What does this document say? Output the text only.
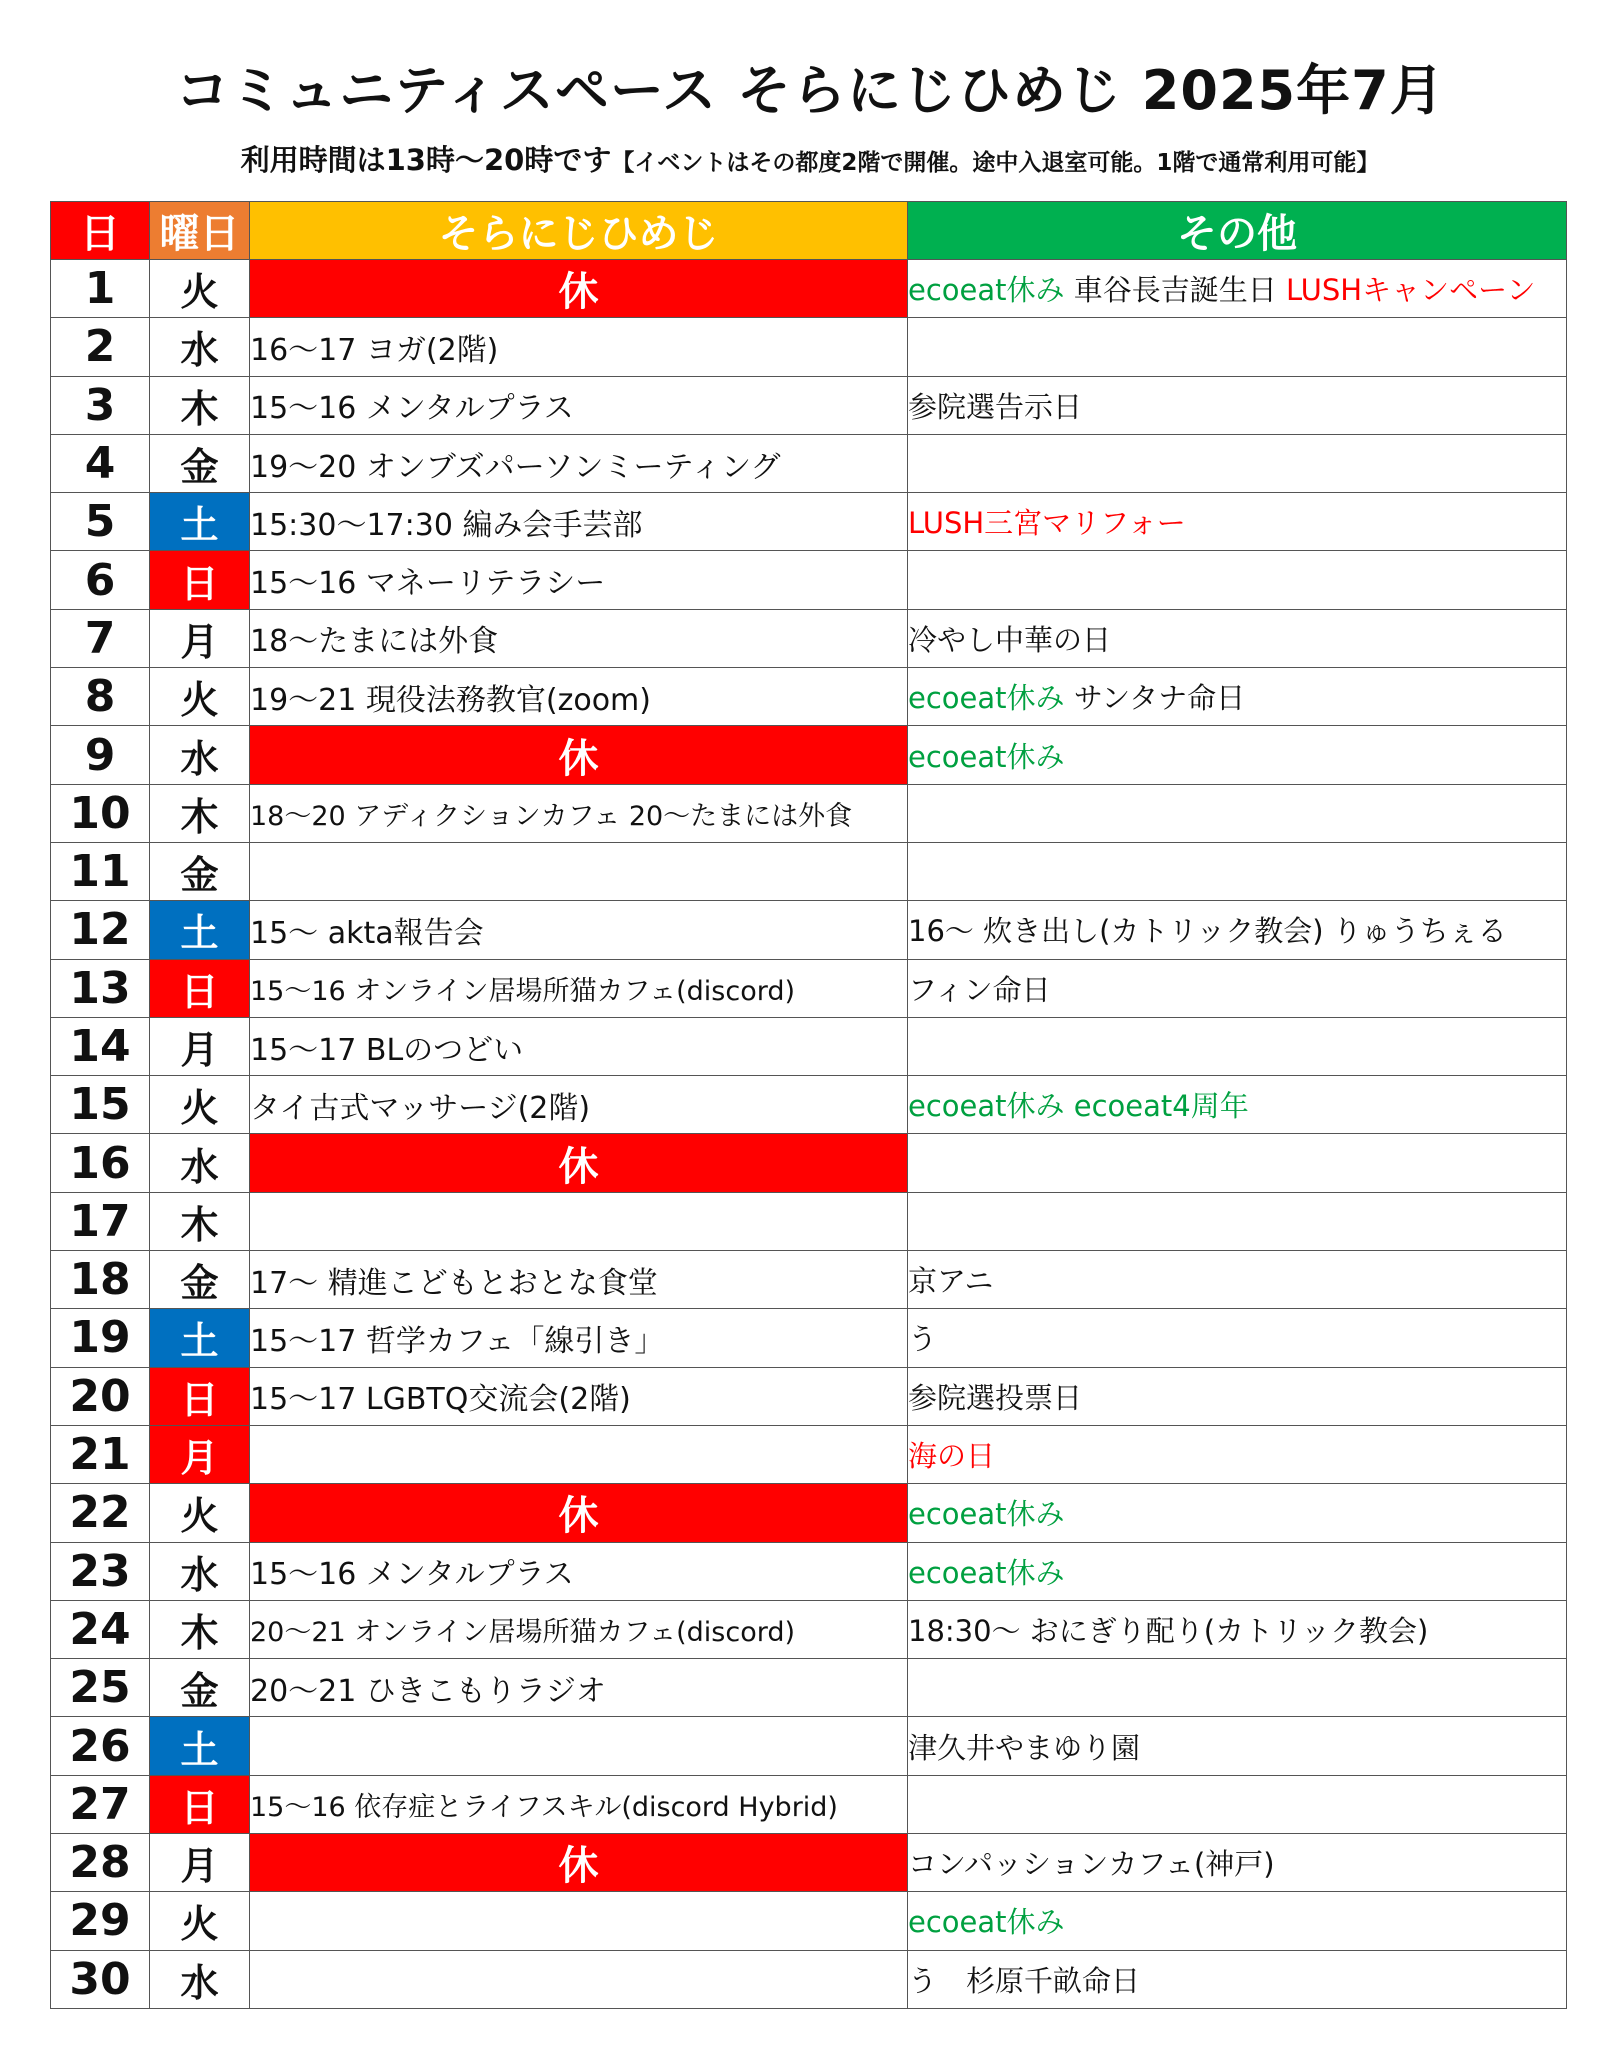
コミュニティスペース そらにじひめじ 2025年7月
利用時間は13時～20時です【イベントはその都度2階で開催。途中入退室可能。1階で通常利用可能】
日	曜日	そらにじひめじ	その他
1	火	休	ecoeat休み 車谷長吉誕生日 LUSHキャンペーン
2	水	16～17 ヨガ(2階)	
3	木	15～16 メンタルプラス	参院選告示日
4	金	19～20 オンブズパーソンミーティング	
5	土	15:30～17:30 編み会手芸部	LUSH三宮マリフォー
6	日	15～16 マネーリテラシー	
7	月	18～たまには外食	冷やし中華の日
8	火	19～21 現役法務教官(zoom)	ecoeat休み サンタナ命日
9	水	休	ecoeat休み
10	木	18～20 アディクションカフェ 20～たまには外食	
11	金		
12	土	15～ akta報告会	16～ 炊き出し(カトリック教会) りゅうちぇる
13	日	15～16 オンライン居場所猫カフェ(discord)	フィン命日
14	月	15～17 BLのつどい	
15	火	タイ古式マッサージ(2階)	ecoeat休み ecoeat4周年
16	水	休	
17	木		
18	金	17～ 精進こどもとおとな食堂	京アニ
19	土	15～17 哲学カフェ「線引き」	う
20	日	15～17 LGBTQ交流会(2階)	参院選投票日
21	月		海の日
22	火	休	ecoeat休み
23	水	15～16 メンタルプラス	ecoeat休み
24	木	20～21 オンライン居場所猫カフェ(discord)	18:30～ おにぎり配り(カトリック教会)
25	金	20～21 ひきこもりラジオ	
26	土		津久井やまゆり園
27	日	15～16 依存症とライフスキル(discord Hybrid)	
28	月	休	コンパッションカフェ(神戸)
29	火		ecoeat休み
30	水		う　杉原千畝命日
